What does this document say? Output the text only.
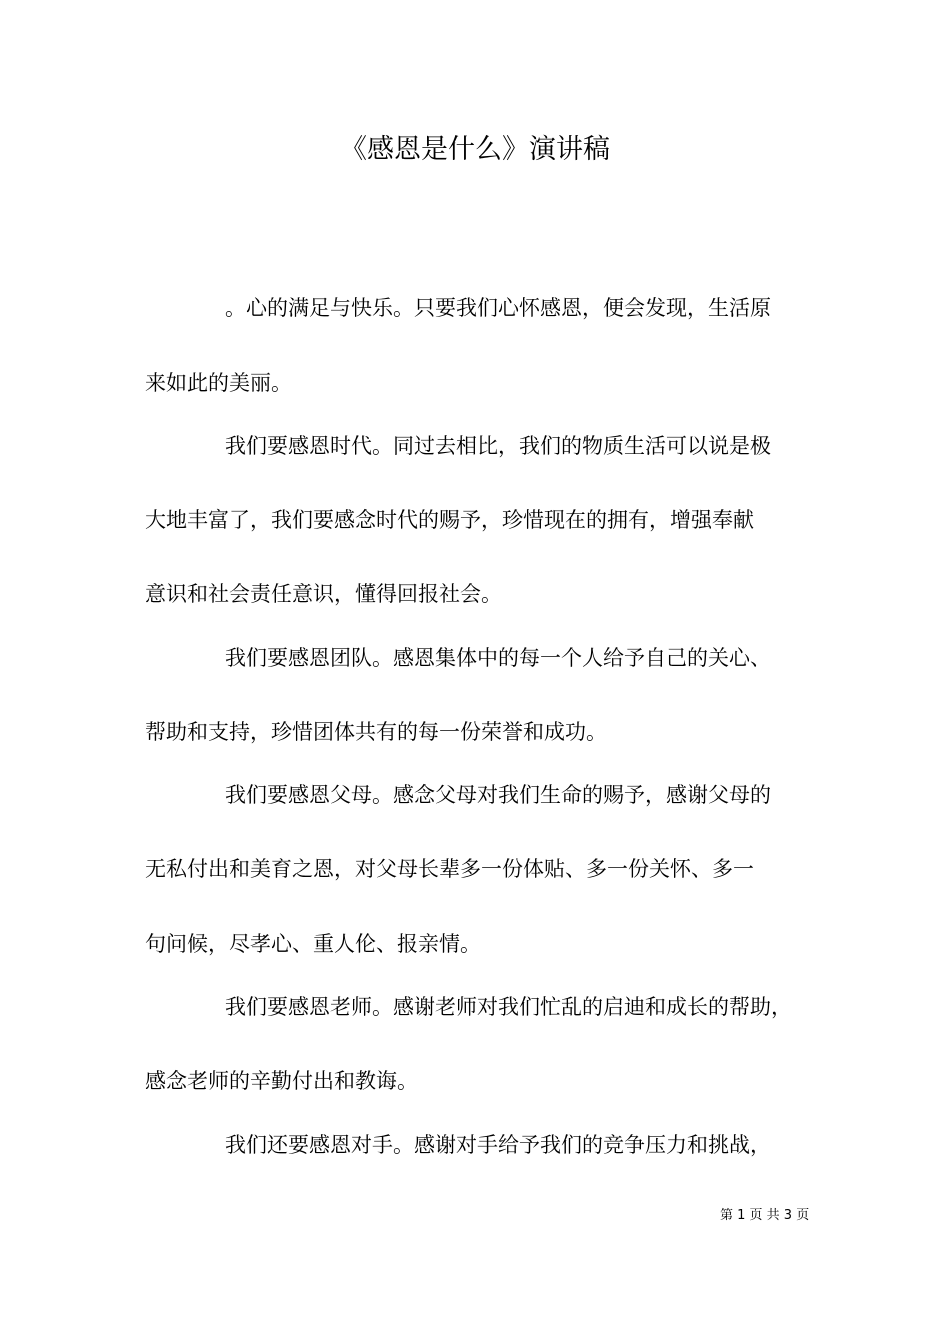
《感恩是什么》演讲稿
。心的满足与快乐。只要我们心怀感恩，便会发现，生活原
来如此的美丽。
我们要感恩时代。同过去相比，我们的物质生活可以说是极
大地丰富了，我们要感念时代的赐予，珍惜现在的拥有，增强奉献
意识和社会责任意识，懂得回报社会。
我们要感恩团队。感恩集体中的每一个人给予自己的关心、
帮助和支持，珍惜团体共有的每一份荣誉和成功。
我们要感恩父母。感念父母对我们生命的赐予，感谢父母的
无私付出和美育之恩，对父母长辈多一份体贴、多一份关怀、多一
句问候，尽孝心、重人伦、报亲情。
我们要感恩老师。感谢老师对我们忙乱的启迪和成长的帮助，
感念老师的辛勤付出和教诲。
我们还要感恩对手。感谢对手给予我们的竞争压力和挑战，
第 1 页 共 3 页
